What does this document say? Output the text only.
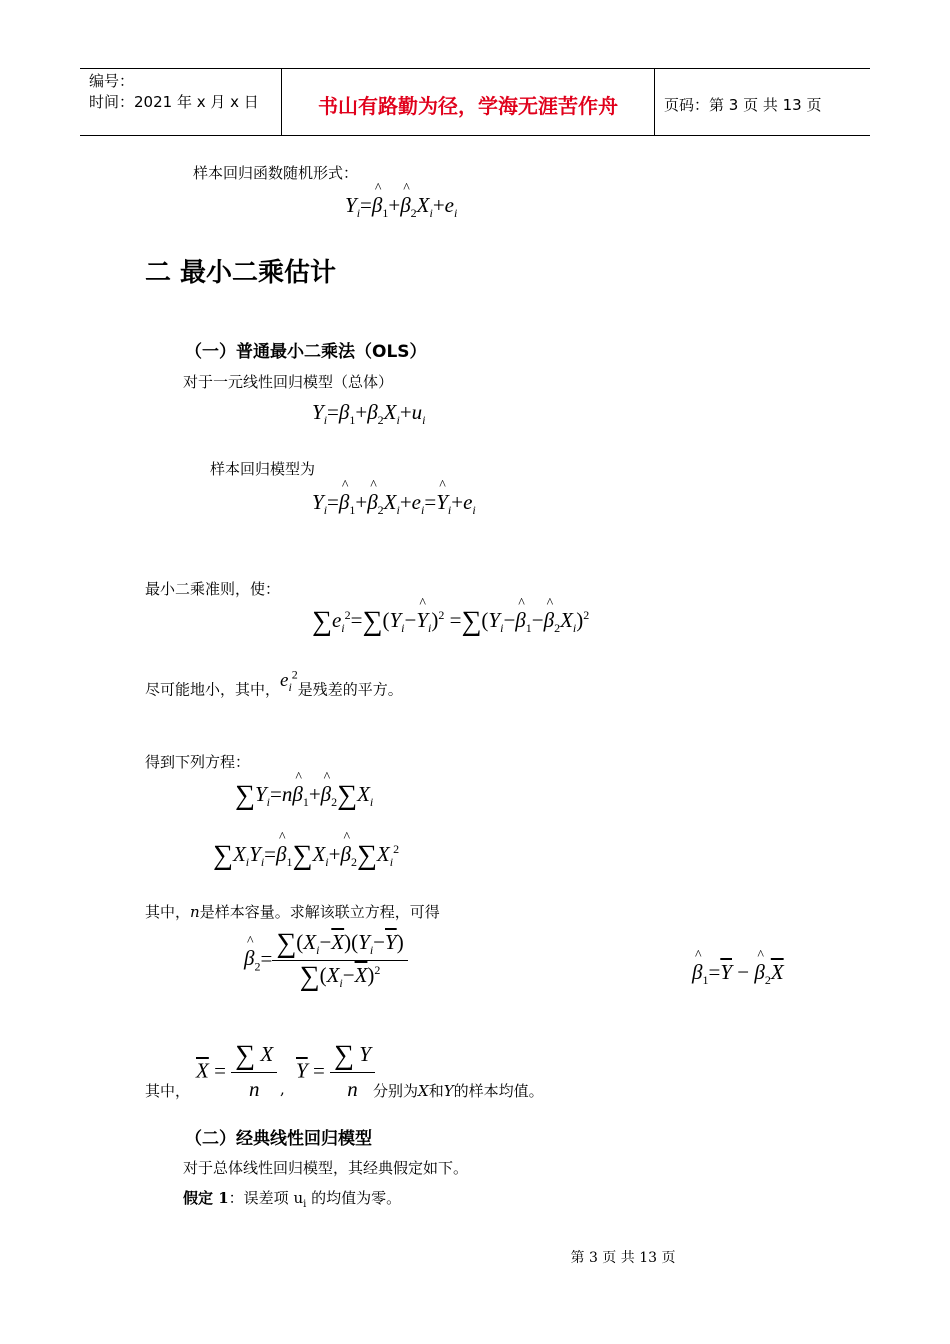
编号：
时间：2021 年 x 月 x 日	书山有路勤为径，学海无涯苦作舟	页码：第 3 页 共 13 页
样本回归函数随机形式：
$Y_i=\^{}$ $\beta_1+\^{}$ $\beta_2X_i+e_i$
二 最小二乘估计
（一）普通最小二乘法（OLS）
对于一元线性回归模型（总体）
$Y_i=\beta_1+\beta_2X_i+u_i$
样本回归模型为
$Y_i=\^{}$ $\beta_1+\^{}$ $\beta_2X_i+e_i=\^{}$ $Y_i+e_i$
最小二乘准则，使：
$\sum e_i^2=\sum(Y_i-\^{}$ $Y_i)^2$ $=\sum(Y_i-\^{}$ $\beta_1-\^{}$ $\beta_2X_i)^2$
尽可能地小，其中，$e_i^2$是残差的平方。
得到下列方程：
$\sum Y_i=n\^{}$ $\beta_1+\^{}$ $\beta_2\sum X_i$
$\sum X_iY_i=\^{}$ $\beta_1\sum X_i+\^{}$ $\beta_2\sum X_i^2$
其中，n是样本容量。求解该联立方程，可得
^ $\beta_2= \frac{\sum(X_i-\overline{X})(Y_i-\overline{Y})}{\sum(X_i-\overline{X})^2}$	^ $\beta_1=\overline{Y}$ − ^ $\beta_2\overline{X}$
其中，
$\overline{X} = \frac{\sum X}{n}$ ,
$\overline{Y} = \frac{\sum Y}{n}$
分别为X和Y的样本均值。
（二）经典线性回归模型
对于总体线性回归模型，其经典假定如下。
假定 1：误差项 $u_i$ 的均值为零。
第 3 页 共 13 页
